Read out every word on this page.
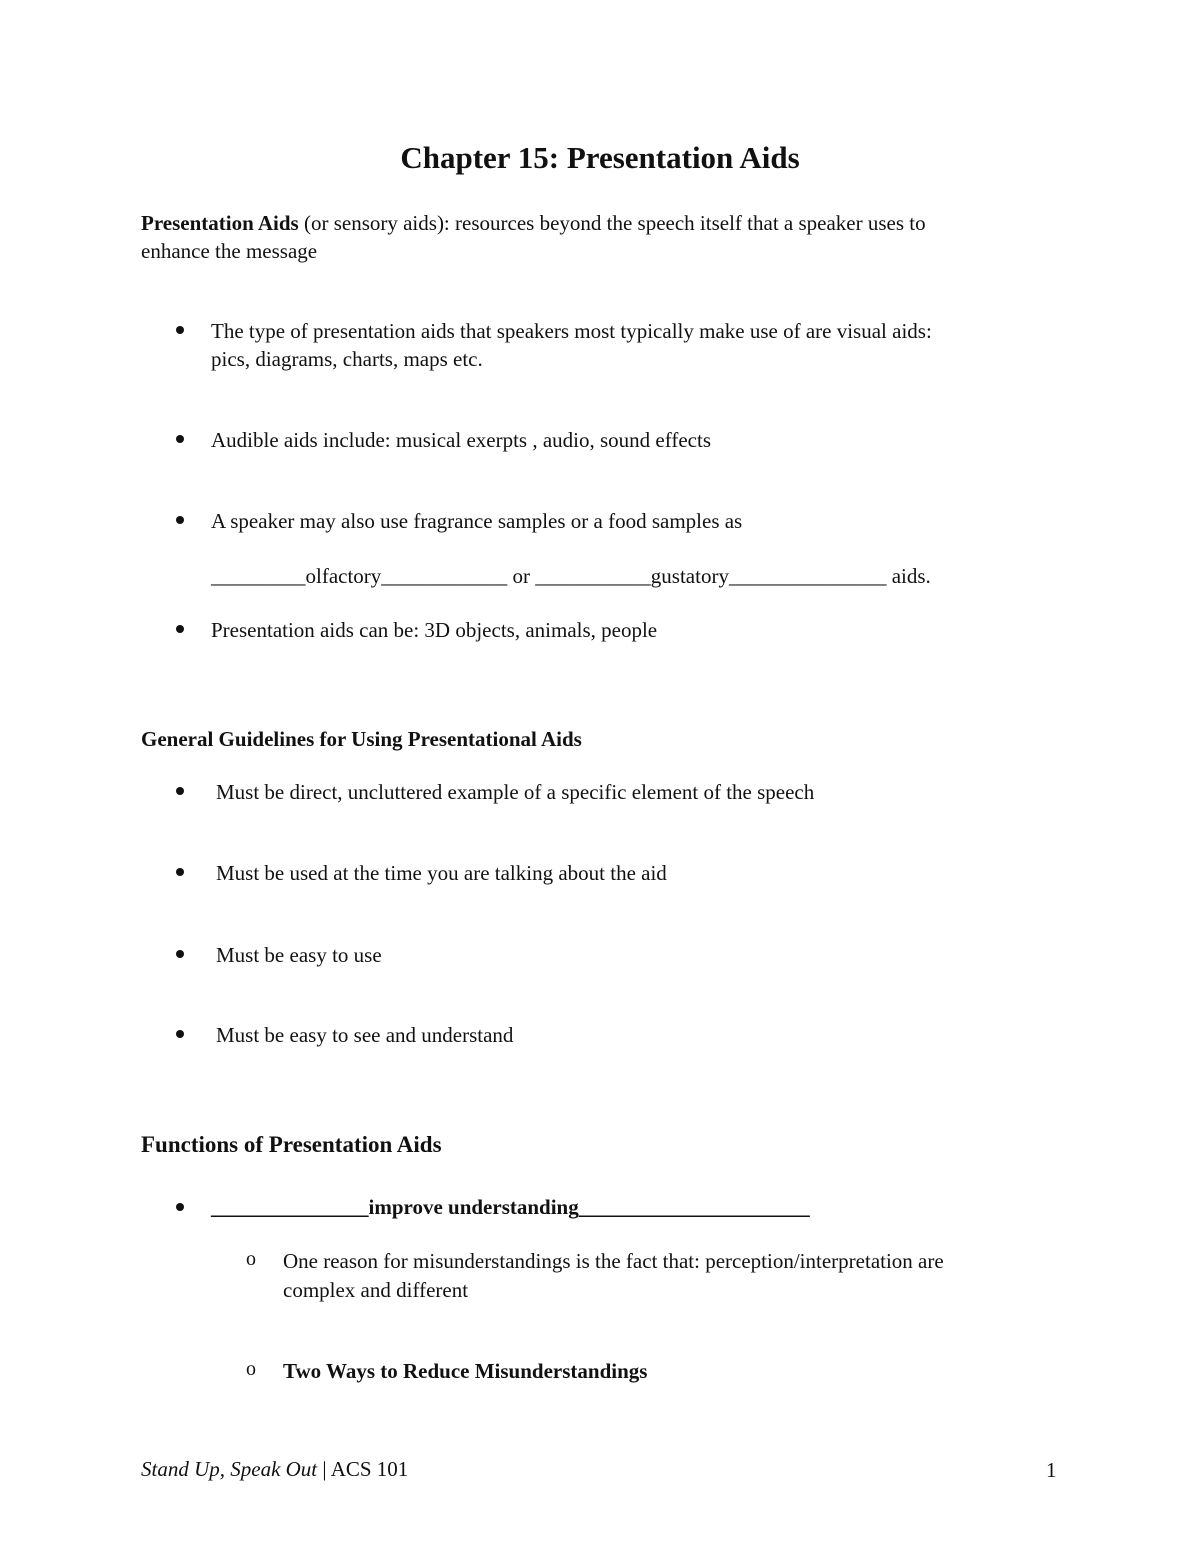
Chapter 15: Presentation Aids
Presentation Aids (or sensory aids): resources beyond the speech itself that a speaker uses to
enhance the message
The type of presentation aids that speakers most typically make use of are visual aids:
pics, diagrams, charts, maps etc.
Audible aids include: musical exerpts , audio, sound effects
A speaker may also use fragrance samples or a food samples as
_________olfactory____________ or ___________gustatory_______________ aids.
Presentation aids can be: 3D objects, animals, people
General Guidelines for Using Presentational Aids
Must be direct, uncluttered example of a specific element of the speech
Must be used at the time you are talking about the aid
Must be easy to use
Must be easy to see and understand
Functions of Presentation Aids
_______________improve understanding______________________
o One reason for misunderstandings is the fact that: perception/interpretation are
complex and different
o Two Ways to Reduce Misunderstandings
Stand Up, Speak Out | ACS 101	1
